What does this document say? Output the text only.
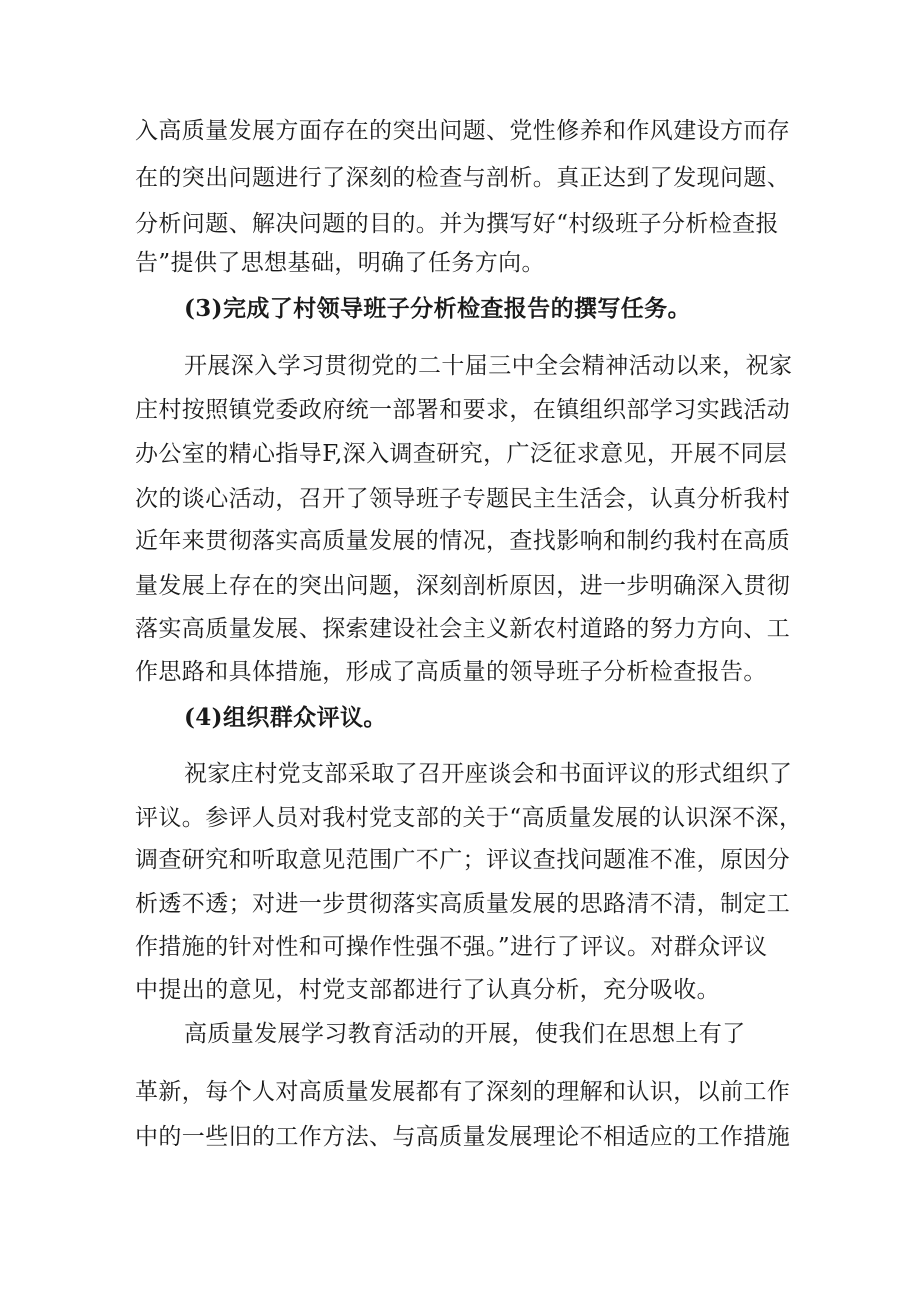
入高质量发展方面存在的突出问题、党性修养和作风建设方而存
在的突出问题进行了深刻的检查与剖析。真正达到了发现问题、
分析问题、解决问题的目的。并为撰写好“村级班子分析检查报
告”提供了思想基础，明确了任务方向。
(3)完成了村领导班子分析检查报告的撰写任务。
开展深入学习贯彻党的二十届三中全会精神活动以来，祝家
庄村按照镇党委政府统一部署和要求，在镇组织部学习实践活动
办公室的精心指导F,深入调查研究，广泛征求意见，开展不同层
次的谈心活动，召开了领导班子专题民主生活会，认真分析我村
近年来贯彻落实高质量发展的情况，查找影响和制约我村在高质
量发展上存在的突出问题，深刻剖析原因，进一步明确深入贯彻
落实高质量发展、探索建设社会主义新农村道路的努力方向、工
作思路和具体措施，形成了高质量的领导班子分析检查报告。
(4)组织群众评议。
祝家庄村党支部采取了召开座谈会和书面评议的形式组织了
评议。参评人员对我村党支部的关于“高质量发展的认识深不深，
调查研究和听取意见范围广不广；评议查找问题准不准，原因分
析透不透；对进一步贯彻落实高质量发展的思路清不清，制定工
作措施的针对性和可操作性强不强。”进行了评议。对群众评议
中提出的意见，村党支部都进行了认真分析，充分吸收。
高质量发展学习教育活动的开展，使我们在思想上有了
革新，每个人对高质量发展都有了深刻的理解和认识，以前工作
中的一些旧的工作方法、与高质量发展理论不相适应的工作措施
